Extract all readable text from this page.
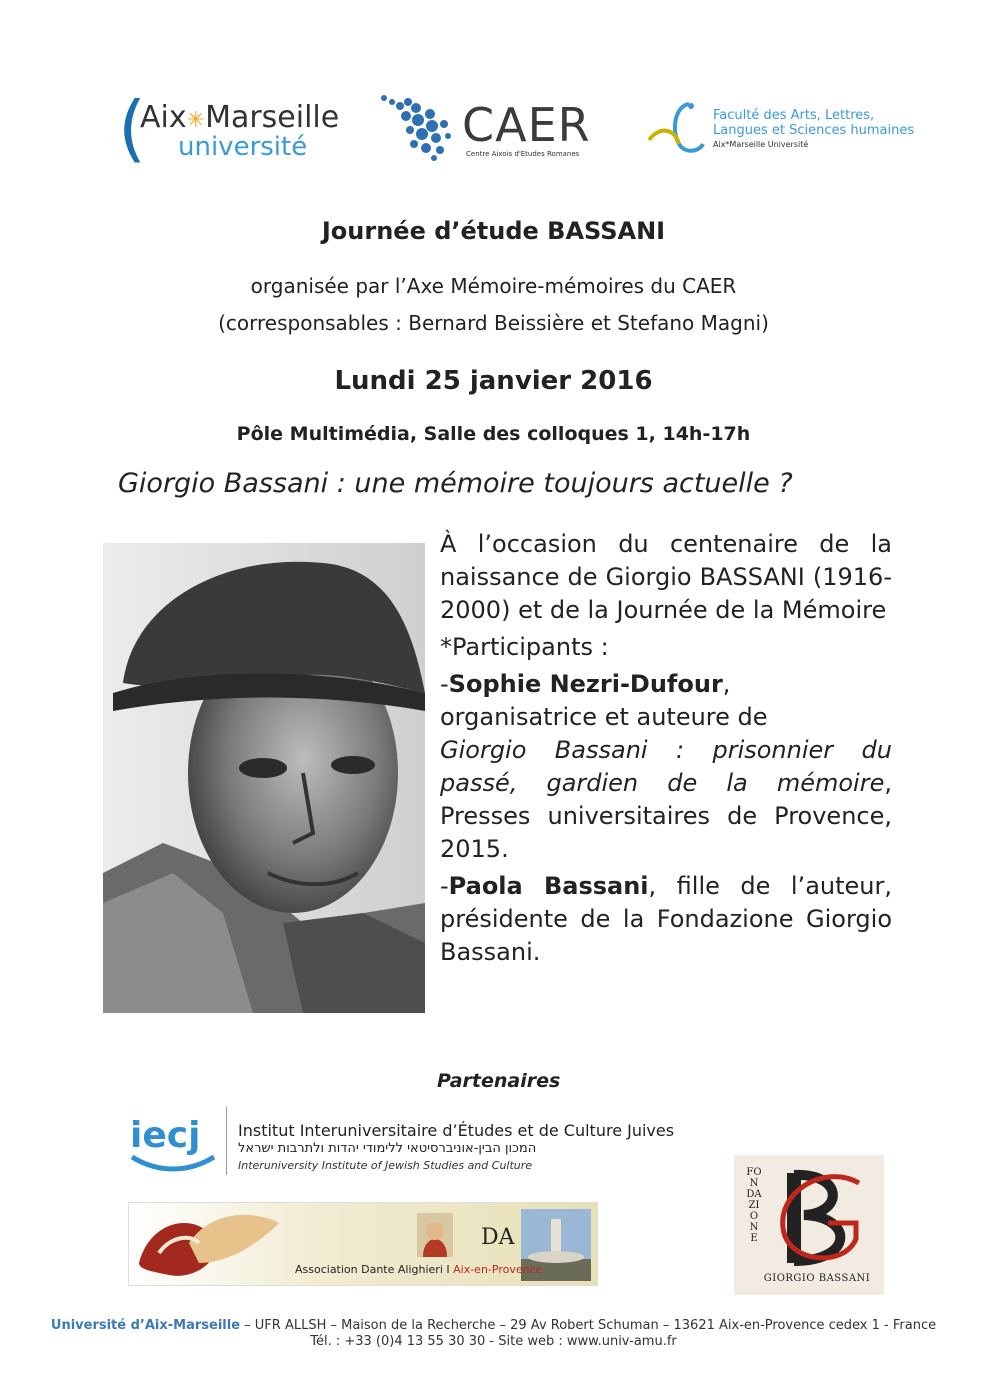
(
Aix✳Marseille
université	CAER
Centre Aixois d'Etudes Romanes
Faculté des Arts, Lettres,
Langues et Sciences humaines
Aix*Marseille Université
Journée d’étude BASSANI
organisée par l’Axe Mémoire-mémoires du CAER
(corresponsables : Bernard Beissière et Stefano Magni)
Lundi 25 janvier 2016
Pôle Multimédia, Salle des colloques 1, 14h-17h
Giorgio Bassani : une mémoire toujours actuelle ?
À l’occasion du centenaire de la naissance de Giorgio BASSANI (1916-2000) et de la Journée de la Mémoire
*Participants :
-Sophie Nezri-Dufour,
organisatrice et auteure de
Giorgio Bassani : prisonnier du passé, gardien de la mémoire, Presses universitaires de Provence, 2015.
-Paola Bassani, fille de l’auteur, présidente de la Fondazione Giorgio Bassani.
Partenaires
iecj Institut Interuniversitaire d’Études et de Culture Juives
המכון הבין-אוניברסיטאי ללימודי יהדות ולתרבות ישראל
Interuniversity Institute of Jewish Studies and Culture
DA
Association Dante Alighieri I Aix-en-Provence
FONDAZIONE
GIORGIO BASSANI
Université d’Aix-Marseille – UFR ALLSH – Maison de la Recherche – 29 Av Robert Schuman – 13621 Aix-en-Provence cedex 1 - France
Tél. : +33 (0)4 13 55 30 30 - Site web : www.univ-amu.fr
